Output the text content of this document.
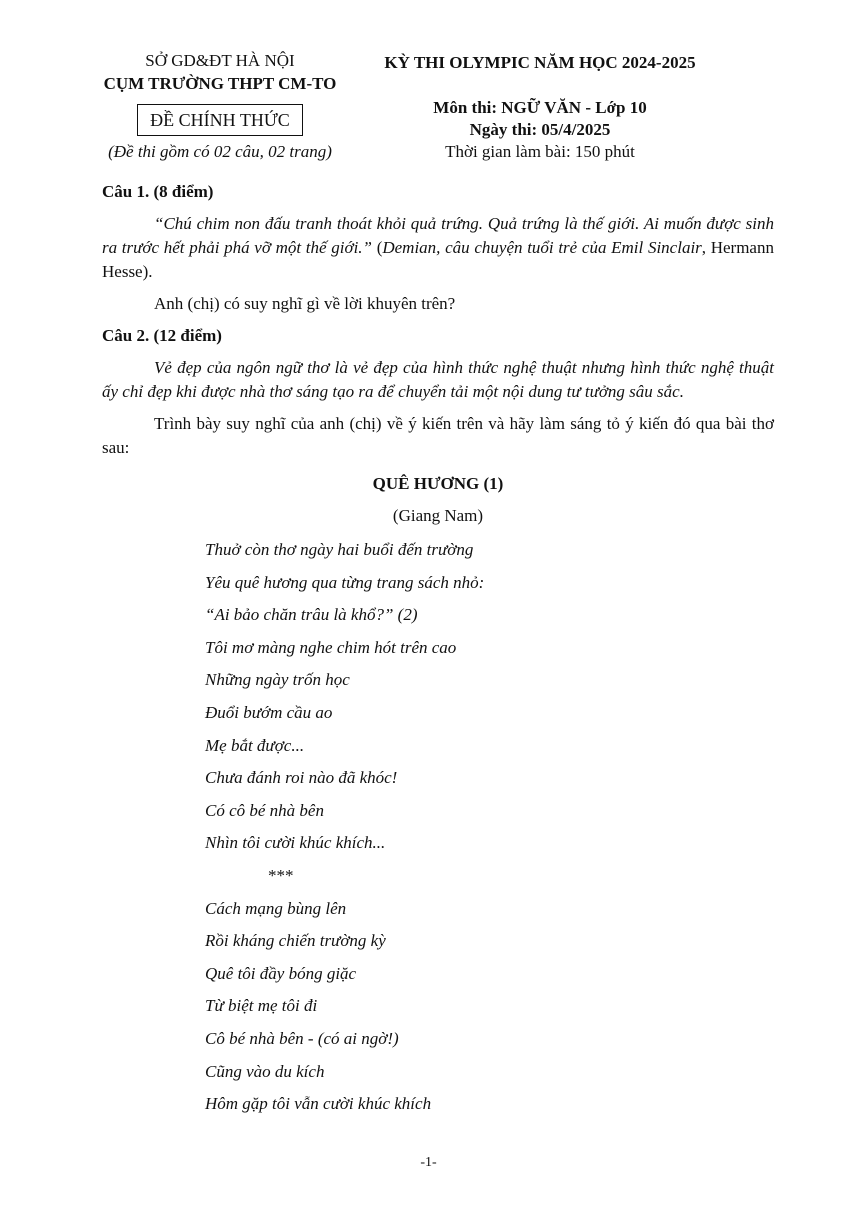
SỞ GD&ĐT HÀ NỘI
CỤM TRƯỜNG THPT CM-TO
ĐỀ CHÍNH THỨC
(Đề thi gồm có 02 câu, 02 trang)
KỲ THI OLYMPIC NĂM HỌC 2024-2025
Môn thi: NGỮ VĂN - Lớp 10
Ngày thi: 05/4/2025
Thời gian làm bài: 150 phút

Câu 1. (8 điểm)

“Chú chim non đấu tranh thoát khỏi quả trứng. Quả trứng là thế giới. Ai muốn được sinh ra trước hết phải phá vỡ một thế giới.” (Demian, câu chuyện tuổi trẻ của Emil Sinclair, Hermann Hesse).

Anh (chị) có suy nghĩ gì về lời khuyên trên?

Câu 2. (12 điểm)

Vẻ đẹp của ngôn ngữ thơ là vẻ đẹp của hình thức nghệ thuật nhưng hình thức nghệ thuật ấy chỉ đẹp khi được nhà thơ sáng tạo ra để chuyển tải một nội dung tư tưởng sâu sắc.

Trình bày suy nghĩ của anh (chị) về ý kiến trên và hãy làm sáng tỏ ý kiến đó qua bài thơ sau:

QUÊ HƯƠNG (1)
(Giang Nam)
Thuở còn thơ ngày hai buổi đến trường
Yêu quê hương qua từng trang sách nhỏ:
“Ai bảo chăn trâu là khổ?” (2)
Tôi mơ màng nghe chim hót trên cao
Những ngày trốn học
Đuổi bướm cầu ao
Mẹ bắt được...
Chưa đánh roi nào đã khóc!
Có cô bé nhà bên
Nhìn tôi cười khúc khích...
***
Cách mạng bùng lên
Rồi kháng chiến trường kỳ
Quê tôi đầy bóng giặc
Từ biệt mẹ tôi đi
Cô bé nhà bên - (có ai ngờ!)
Cũng vào du kích
Hôm gặp tôi vẫn cười khúc khích
-1-
